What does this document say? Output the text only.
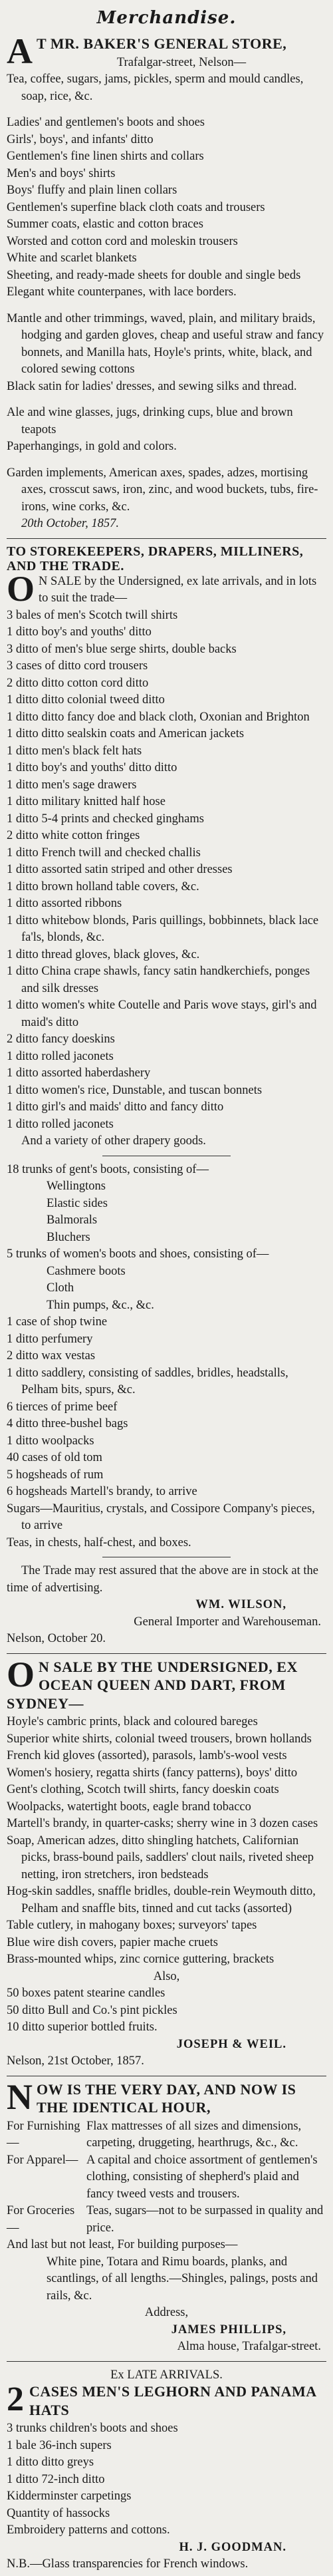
Merchandise.

A T MR. BAKER'S GENERAL STORE,

Trafalgar-street, Nelson—

Tea, coffee, sugars, jams, pickles, sperm and mould candles, soap, rice, &c.

Ladies' and gentlemen's boots and shoes

Girls', boys', and infants' ditto

Gentlemen's fine linen shirts and collars

Men's and boys' shirts

Boys' fluffy and plain linen collars

Gentlemen's superfine black cloth coats and trousers

Summer coats, elastic and cotton braces

Worsted and cotton cord and moleskin trousers

White and scarlet blankets

Sheeting, and ready-made sheets for double and single beds

Elegant white counterpanes, with lace borders.

Mantle and other trimmings, waved, plain, and military braids, hodging and garden gloves, cheap and useful straw and fancy bonnets, and Manilla hats, Hoyle's prints, white, black, and colored sewing cottons

Black satin for ladies' dresses, and sewing silks and thread.

Ale and wine glasses, jugs, drinking cups, blue and brown teapots

Paperhangings, in gold and colors.

Garden implements, American axes, spades, adzes, mortising axes, crosscut saws, iron, zinc, and wood buckets, tubs, fire-irons, wine corks, &c.

20th October, 1857.

TO STOREKEEPERS, DRAPERS, MILLINERS, AND THE TRADE.

O N SALE by the Undersigned, ex late arrivals, and in lots to suit the trade—

3 bales of men's Scotch twill shirts

1 ditto boy's and youths' ditto

3 ditto of men's blue serge shirts, double backs

3 cases of ditto cord trousers

2 ditto ditto cotton cord ditto

1 ditto ditto colonial tweed ditto

1 ditto ditto fancy doe and black cloth, Oxonian and Brighton

1 ditto ditto sealskin coats and American jackets

1 ditto men's black felt hats

1 ditto boy's and youths' ditto ditto

1 ditto men's sage drawers

1 ditto military knitted half hose

1 ditto 5-4 prints and checked ginghams

2 ditto white cotton fringes

1 ditto French twill and checked challis

1 ditto assorted satin striped and other dresses

1 ditto brown holland table covers, &c.

1 ditto assorted ribbons

1 ditto whitebow blonds, Paris quillings, bobbinnets, black lace fa'ls, blonds, &c.

1 ditto thread gloves, black gloves, &c.

1 ditto China crape shawls, fancy satin handkerchiefs, ponges and silk dresses

1 ditto women's white Coutelle and Paris wove stays, girl's and maid's ditto

2 ditto fancy doeskins

1 ditto rolled jaconets

1 ditto assorted haberdashery

1 ditto women's rice, Dunstable, and tuscan bonnets

1 ditto girl's and maids' ditto and fancy ditto

1 ditto rolled jaconets

And a variety of other drapery goods.

18 trunks of gent's boots, consisting of—

Wellingtons

Elastic sides

Balmorals

Bluchers

5 trunks of women's boots and shoes, consisting of—

Cashmere boots

Cloth

Thin pumps, &c., &c.

1 case of shop twine

1 ditto perfumery

2 ditto wax vestas

1 ditto saddlery, consisting of saddles, bridles, headstalls, Pelham bits, spurs, &c.

6 tierces of prime beef

4 ditto three-bushel bags

1 ditto woolpacks

40 cases of old tom

5 hogsheads of rum

6 hogsheads Martell's brandy, to arrive

Sugars—Mauritius, crystals, and Cossipore Company's pieces, to arrive

Teas, in chests, half-chest, and boxes.

The Trade may rest assured that the above are in stock at the time of advertising.

WM. WILSON,

General Importer and Warehouseman.

Nelson, October 20.

O N SALE BY THE UNDERSIGNED, EX OCEAN QUEEN AND DART, FROM SYDNEY—

Hoyle's cambric prints, black and coloured bareges

Superior white shirts, colonial tweed trousers, brown hollands

French kid gloves (assorted), parasols, lamb's-wool vests

Women's hosiery, regatta shirts (fancy patterns), boys' ditto

Gent's clothing, Scotch twill shirts, fancy doeskin coats

Woolpacks, watertight boots, eagle brand tobacco

Martell's brandy, in quarter-casks; sherry wine in 3 dozen cases

Soap, American adzes, ditto shingling hatchets, Californian picks, brass-bound pails, saddlers' clout nails, riveted sheep netting, iron stretchers, iron bedsteads

Hog-skin saddles, snaffle bridles, double-rein Weymouth ditto, Pelham and snaffle bits, tinned and cut tacks (assorted)

Table cutlery, in mahogany boxes; surveyors' tapes

Blue wire dish covers, papier mache cruets

Brass-mounted whips, zinc cornice guttering, brackets

Also,

50 boxes patent stearine candles

50 ditto Bull and Co.'s pint pickles

10 ditto superior bottled fruits.

JOSEPH & WEIL.

Nelson, 21st October, 1857.

NOW IS THE VERY DAY, AND NOW IS THE IDENTICAL HOUR,

For Furnishing—

Flax mattresses of all sizes and dimensions, carpeting, druggeting, hearthrugs, &c., &c.

For Apparel— A capital and choice assortment of gentlemen's clothing, consisting of shepherd's plaid and fancy tweed vests and trousers.

For Groceries—

Teas, sugars—not to be surpassed in quality and price.

And last but not least, For building purposes—

White pine, Totara and Rimu boards, planks, and scantlings, of all lengths.—Shingles, palings, posts and rails, &c.

Address,

JAMES PHILLIPS,

Alma house, Trafalgar-street.

Ex LATE ARRIVALS.

2 CASES MEN'S LEGHORN AND PANAMA HATS

3 trunks children's boots and shoes

1 bale 36-inch supers

1 ditto ditto greys

1 ditto 72-inch ditto

Kidderminster carpetings

Quantity of hassocks

Embroidery patterns and cottons.

H. J. GOODMAN.

N.B.—Glass transparencies for French windows.
